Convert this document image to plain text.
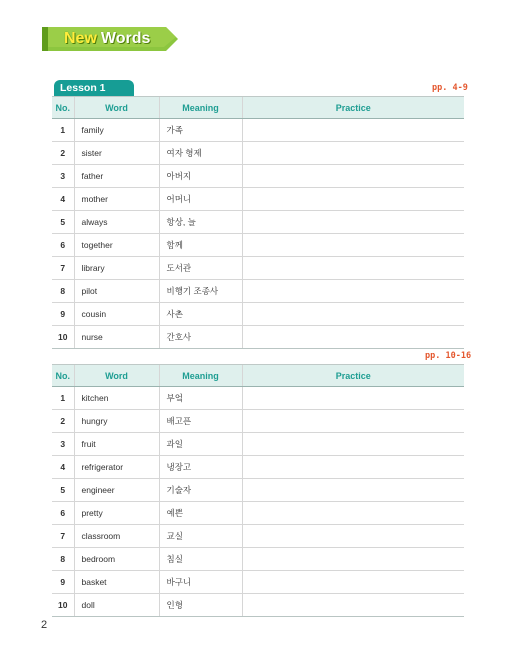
New Words
Lesson 1	pp. 4-9
No.	Word	Meaning	Practice
1	family	가족	
2	sister	여자 형제	
3	father	아버지	
4	mother	어머니	
5	always	항상, 늘	
6	together	함께	
7	library	도서관	
8	pilot	비행기 조종사	
9	cousin	사촌	
10	nurse	간호사	
pp. 10-16
No.	Word	Meaning	Practice
1	kitchen	부엌	
2	hungry	배고픈	
3	fruit	과일	
4	refrigerator	냉장고	
5	engineer	기술자	
6	pretty	예쁜	
7	classroom	교실	
8	bedroom	침실	
9	basket	바구니	
10	doll	인형	
2
